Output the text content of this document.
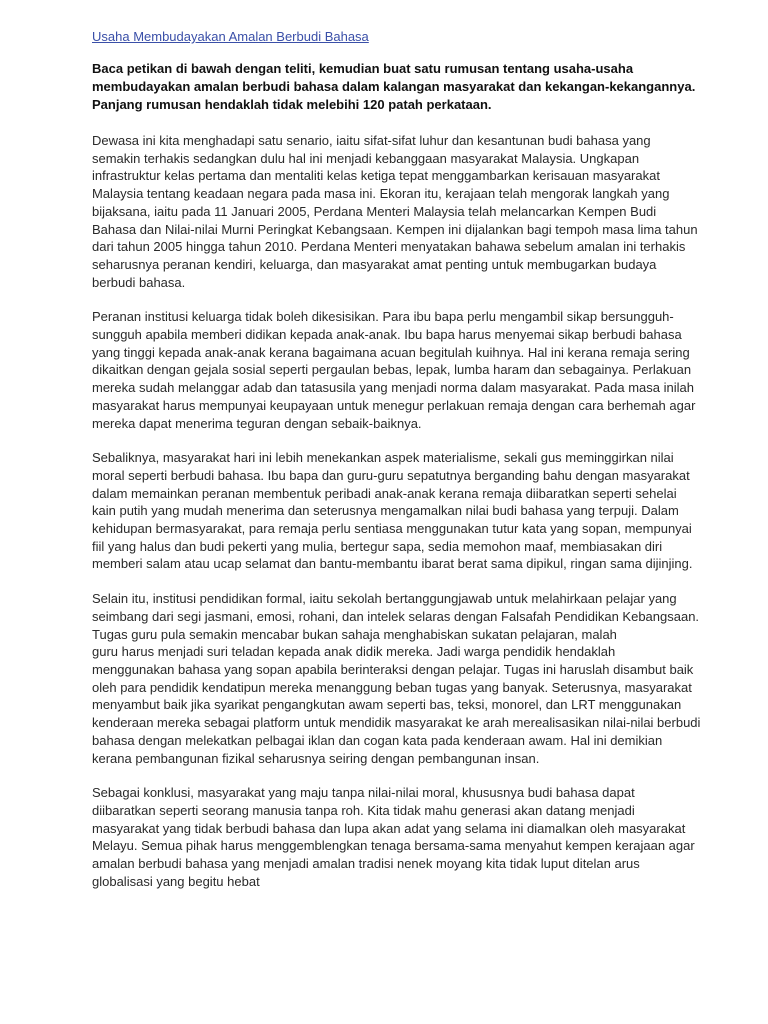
Usaha Membudayakan Amalan Berbudi Bahasa
Baca petikan di bawah dengan teliti, kemudian buat satu rumusan tentang usaha-usaha
membudayakan amalan berbudi bahasa dalam kalangan masyarakat dan kekangan-kekangannya.
Panjang rumusan hendaklah tidak melebihi 120 patah perkataan.
Dewasa ini kita menghadapi satu senario, iaitu sifat-sifat luhur dan kesantunan budi bahasa yang
semakin terhakis sedangkan dulu hal ini menjadi kebanggaan masyarakat Malaysia. Ungkapan
infrastruktur kelas pertama dan mentaliti kelas ketiga tepat menggambarkan kerisauan masyarakat
Malaysia tentang keadaan negara pada masa ini. Ekoran itu, kerajaan telah mengorak langkah yang
bijaksana, iaitu pada 11 Januari 2005, Perdana Menteri Malaysia telah melancarkan Kempen Budi
Bahasa dan Nilai-nilai Murni Peringkat Kebangsaan. Kempen ini dijalankan bagi tempoh masa lima tahun
dari tahun 2005 hingga tahun 2010. Perdana Menteri menyatakan bahawa sebelum amalan ini terhakis
seharusnya peranan kendiri, keluarga, dan masyarakat amat penting untuk membugarkan budaya
berbudi bahasa.
Peranan institusi keluarga tidak boleh dikesisikan. Para ibu bapa perlu mengambil sikap bersungguh-
sungguh apabila memberi didikan kepada anak-anak. Ibu bapa harus menyemai sikap berbudi bahasa
yang tinggi kepada anak-anak kerana bagaimana acuan begitulah kuihnya. Hal ini kerana remaja sering
dikaitkan dengan gejala sosial seperti pergaulan bebas, lepak, lumba haram dan sebagainya. Perlakuan
mereka sudah melanggar adab dan tatasusila yang menjadi norma dalam masyarakat. Pada masa inilah
masyarakat harus mempunyai keupayaan untuk menegur perlakuan remaja dengan cara berhemah agar
mereka dapat menerima teguran dengan sebaik-baiknya.
Sebaliknya, masyarakat hari ini lebih menekankan aspek materialisme, sekali gus meminggirkan nilai
moral seperti berbudi bahasa. Ibu bapa dan guru-guru sepatutnya berganding bahu dengan masyarakat
dalam memainkan peranan membentuk peribadi anak-anak kerana remaja diibaratkan seperti sehelai
kain putih yang mudah menerima dan seterusnya mengamalkan nilai budi bahasa yang terpuji. Dalam
kehidupan bermasyarakat, para remaja perlu sentiasa menggunakan tutur kata yang sopan, mempunyai
fiil yang halus dan budi pekerti yang mulia, bertegur sapa, sedia memohon maaf, membiasakan diri
memberi salam atau ucap selamat dan bantu-membantu ibarat berat sama dipikul, ringan sama dijinjing.
Selain itu, institusi pendidikan formal, iaitu sekolah bertanggungjawab untuk melahirkaan pelajar yang
seimbang dari segi jasmani, emosi, rohani, dan intelek selaras dengan Falsafah Pendidikan Kebangsaan.
Tugas guru pula semakin mencabar bukan sahaja menghabiskan sukatan pelajaran, malah
guru harus menjadi suri teladan kepada anak didik mereka. Jadi warga pendidik hendaklah
menggunakan bahasa yang sopan apabila berinteraksi dengan pelajar. Tugas ini haruslah disambut baik
oleh para pendidik kendatipun mereka menanggung beban tugas yang banyak. Seterusnya, masyarakat
menyambut baik jika syarikat pengangkutan awam seperti bas, teksi, monorel, dan LRT menggunakan
kenderaan mereka sebagai platform untuk mendidik masyarakat ke arah merealisasikan nilai-nilai berbudi
bahasa dengan melekatkan pelbagai iklan dan cogan kata pada kenderaan awam. Hal ini demikian
kerana pembangunan fizikal seharusnya seiring dengan pembangunan insan.
Sebagai konklusi, masyarakat yang maju tanpa nilai-nilai moral, khususnya budi bahasa dapat
diibaratkan seperti seorang manusia tanpa roh. Kita tidak mahu generasi akan datang menjadi
masyarakat yang tidak berbudi bahasa dan lupa akan adat yang selama ini diamalkan oleh masyarakat
Melayu. Semua pihak harus menggemblengkan tenaga bersama-sama menyahut kempen kerajaan agar
amalan berbudi bahasa yang menjadi amalan tradisi nenek moyang kita tidak luput ditelan arus
globalisasi yang begitu hebat
